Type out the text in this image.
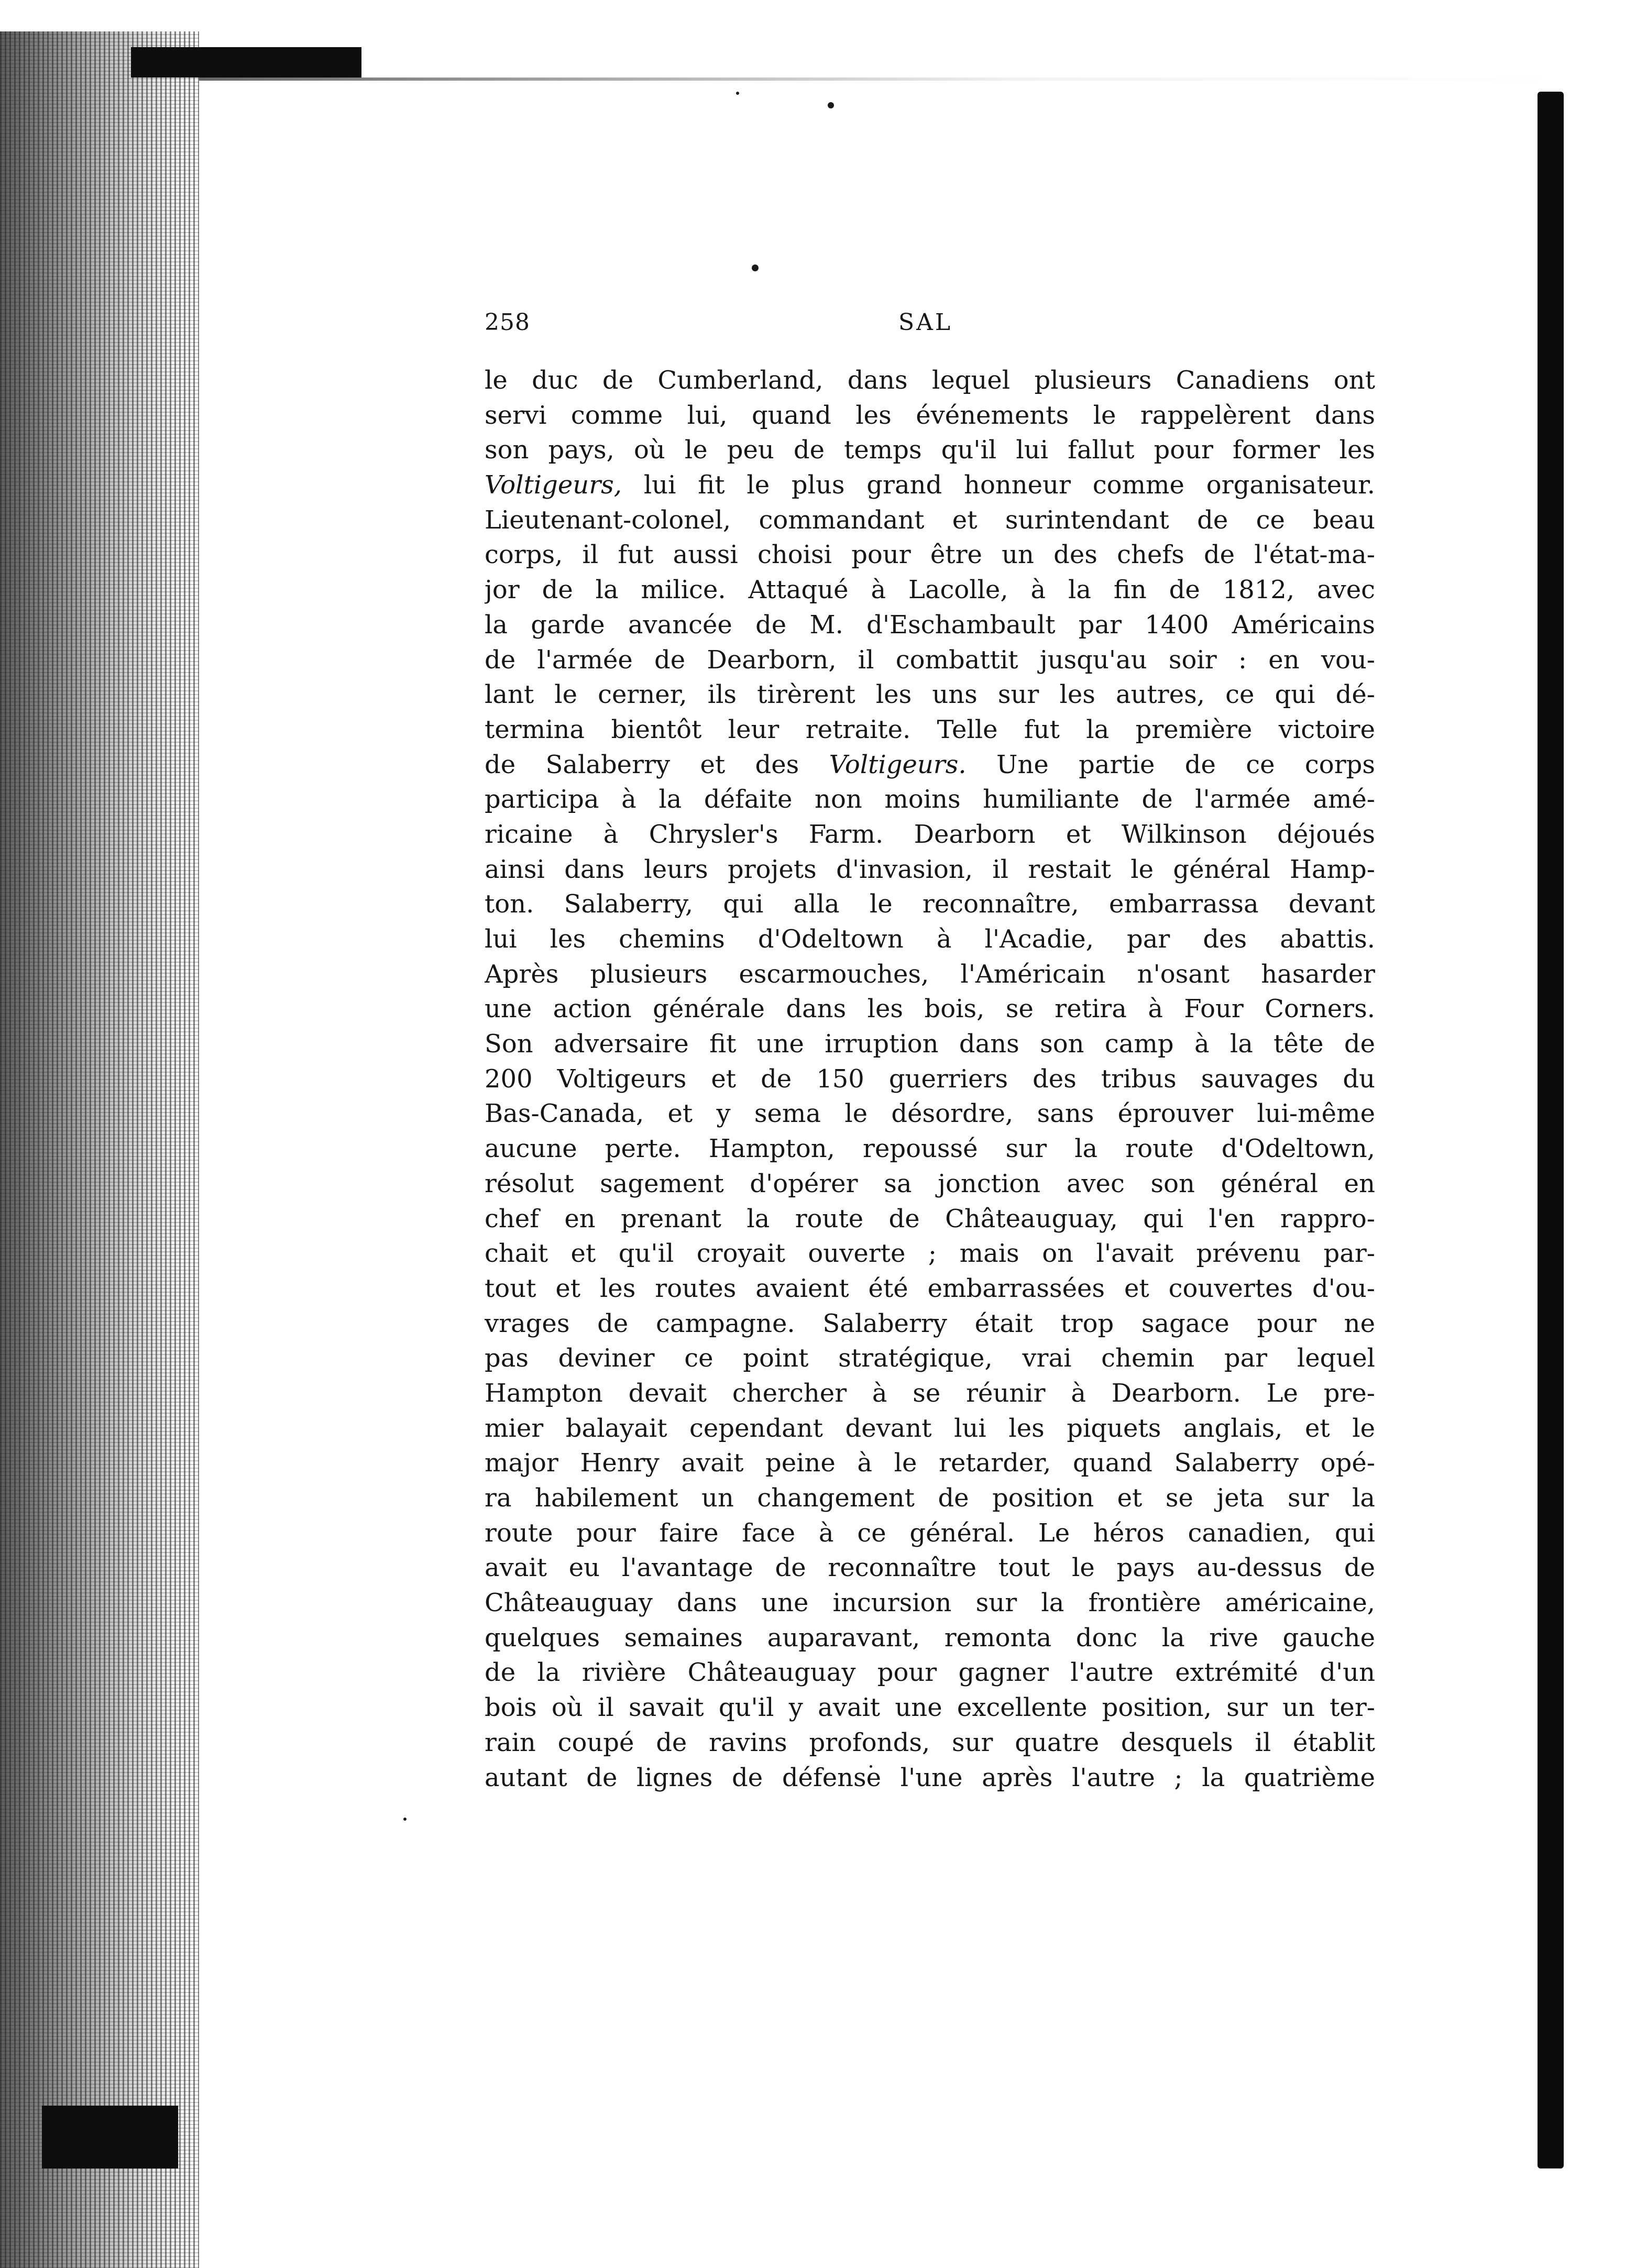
258	SAL
le duc de Cumberland, dans lequel plusieurs Canadiens ont
servi comme lui, quand les événements le rappelèrent dans
son pays, où le peu de temps qu'il lui fallut pour former les
Voltigeurs, lui fit le plus grand honneur comme organisateur.
Lieutenant-colonel, commandant et surintendant de ce beau
corps, il fut aussi choisi pour être un des chefs de l'état-ma-
jor de la milice. Attaqué à Lacolle, à la fin de 1812, avec
la garde avancée de M. d'Eschambault par 1400 Américains
de l'armée de Dearborn, il combattit jusqu'au soir : en vou-
lant le cerner, ils tirèrent les uns sur les autres, ce qui dé-
termina bientôt leur retraite. Telle fut la première victoire
de Salaberry et des Voltigeurs. Une partie de ce corps
participa à la défaite non moins humiliante de l'armée amé-
ricaine à Chrysler's Farm. Dearborn et Wilkinson déjoués
ainsi dans leurs projets d'invasion, il restait le général Hamp-
ton. Salaberry, qui alla le reconnaître, embarrassa devant
lui les chemins d'Odeltown à l'Acadie, par des abattis.
Après plusieurs escarmouches, l'Américain n'osant hasarder
une action générale dans les bois, se retira à Four Corners.
Son adversaire fit une irruption dans son camp à la tête de
200 Voltigeurs et de 150 guerriers des tribus sauvages du
Bas-Canada, et y sema le désordre, sans éprouver lui-même
aucune perte. Hampton, repoussé sur la route d'Odeltown,
résolut sagement d'opérer sa jonction avec son général en
chef en prenant la route de Châteauguay, qui l'en rappro-
chait et qu'il croyait ouverte ; mais on l'avait prévenu par-
tout et les routes avaient été embarrassées et couvertes d'ou-
vrages de campagne. Salaberry était trop sagace pour ne
pas deviner ce point stratégique, vrai chemin par lequel
Hampton devait chercher à se réunir à Dearborn. Le pre-
mier balayait cependant devant lui les piquets anglais, et le
major Henry avait peine à le retarder, quand Salaberry opé-
ra habilement un changement de position et se jeta sur la
route pour faire face à ce général. Le héros canadien, qui
avait eu l'avantage de reconnaître tout le pays au-dessus de
Châteauguay dans une incursion sur la frontière américaine,
quelques semaines auparavant, remonta donc la rive gauche
de la rivière Châteauguay pour gagner l'autre extrémité d'un
bois où il savait qu'il y avait une excellente position, sur un ter-
rain coupé de ravins profonds, sur quatre desquels il établit
autant de lignes de défense l'une après l'autre ; la quatrième
